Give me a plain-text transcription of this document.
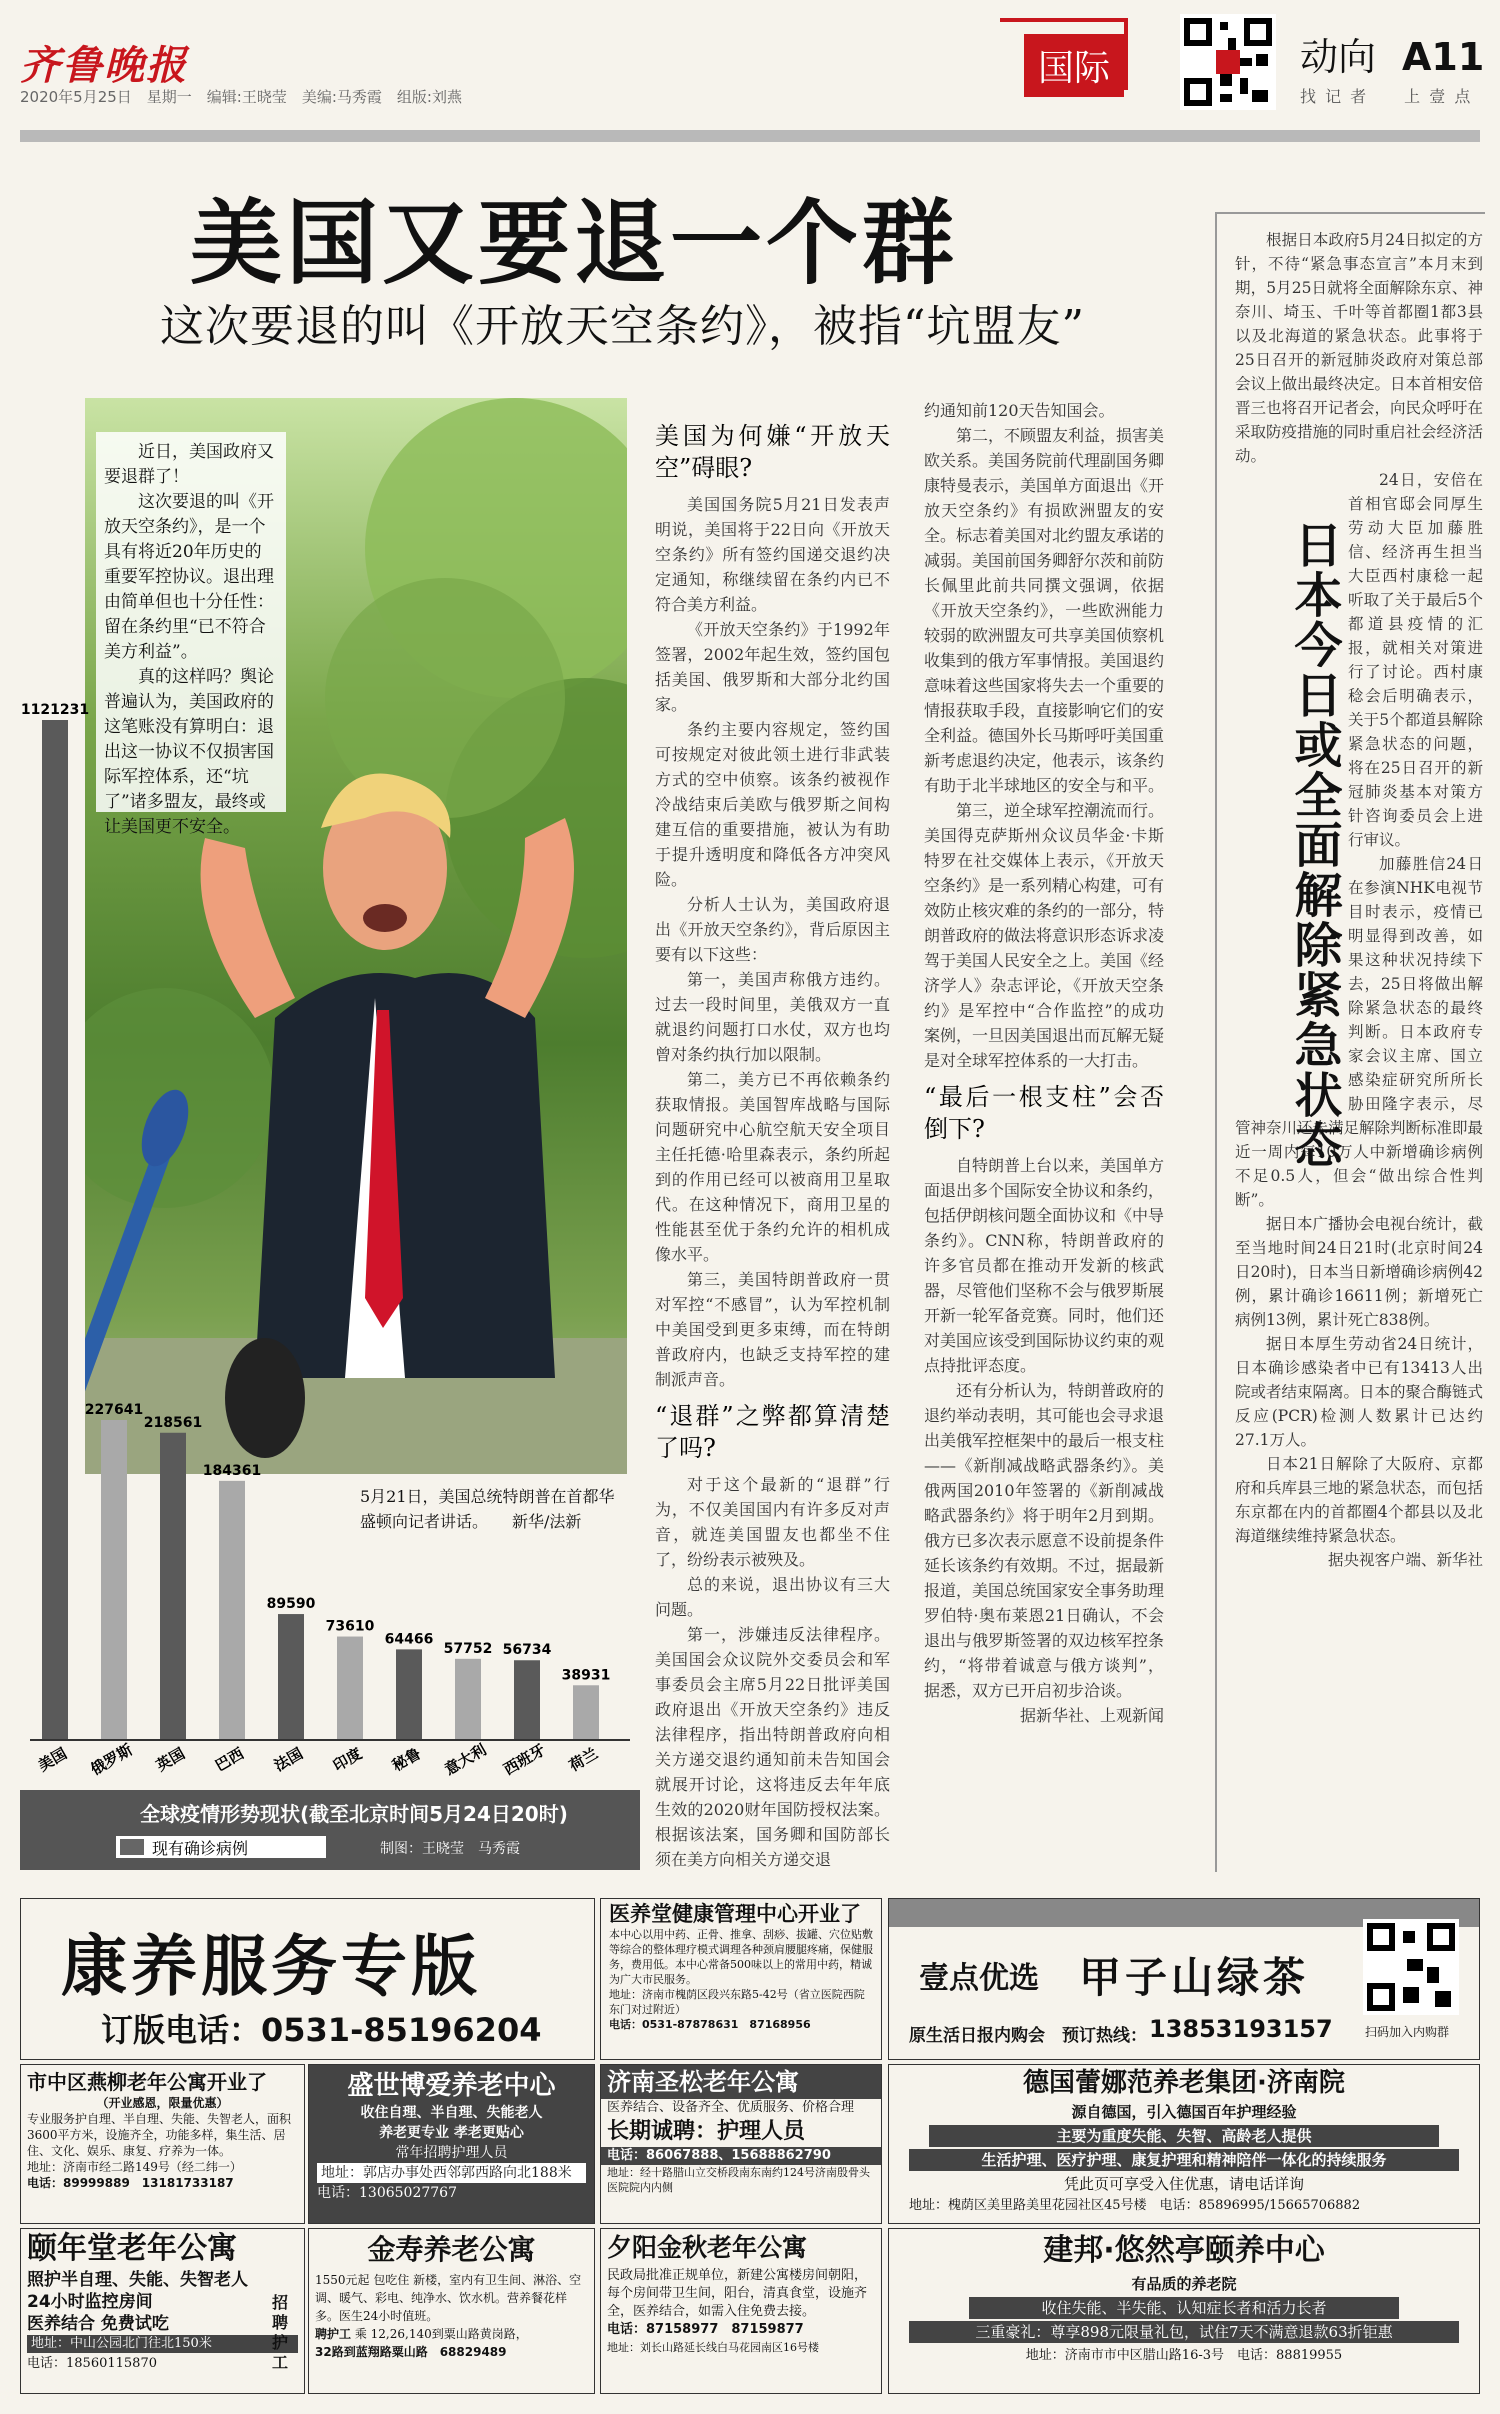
齐鲁晚报
2020年5月25日　星期一　编辑:王晓莹　美编:马秀霞　组版:刘燕
国际	动向 A11
找 记 者　　上 壹 点
美国又要退一个群
这次要退的叫《开放天空条约》，被指“坑盟友”

近日，美国政府又要退群了！

这次要退的叫《开放天空条约》，是一个具有将近20年历史的重要军控协议。退出理由简单但也十分任性：留在条约里“已不符合美方利益”。

真的这样吗？舆论普遍认为，美国政府的这笔账没有算明白：退出这一协议不仅损害国际军控体系，还“坑了”诸多盟友，最终或让美国更不安全。

5月21日，美国总统特朗普在首都华盛顿向记者讲话。　　新华/法新
1121231
美国
227641
俄罗斯
218561
英国
184361
巴西
89590
法国
73610
印度
64466
秘鲁
57752
意大利
56734
西班牙
38931
荷兰
全球疫情形势现状(截至北京时间5月24日20时)
现有确诊病例	制图：王晓莹　马秀霞
美国为何嫌“开放天空”碍眼?

美国国务院5月21日发表声明说，美国将于22日向《开放天空条约》所有签约国递交退约决定通知，称继续留在条约内已不符合美方利益。

《开放天空条约》于1992年签署，2002年起生效，签约国包括美国、俄罗斯和大部分北约国家。

条约主要内容规定，签约国可按规定对彼此领土进行非武装方式的空中侦察。该条约被视作冷战结束后美欧与俄罗斯之间构建互信的重要措施，被认为有助于提升透明度和降低各方冲突风险。

分析人士认为，美国政府退出《开放天空条约》，背后原因主要有以下这些：

第一，美国声称俄方违约。过去一段时间里，美俄双方一直就退约问题打口水仗，双方也均曾对条约执行加以限制。

第二，美方已不再依赖条约获取情报。美国智库战略与国际问题研究中心航空航天安全项目主任托德·哈里森表示，条约所起到的作用已经可以被商用卫星取代。在这种情况下，商用卫星的性能甚至优于条约允许的相机成像水平。

第三，美国特朗普政府一贯对军控“不感冒”，认为军控机制中美国受到更多束缚，而在特朗普政府内，也缺乏支持军控的建制派声音。

“退群”之弊都算清楚了吗?

对于这个最新的“退群”行为，不仅美国国内有许多反对声音，就连美国盟友也都坐不住了，纷纷表示被殃及。

总的来说，退出协议有三大问题。

第一，涉嫌违反法律程序。美国国会众议院外交委员会和军事委员会主席5月22日批评美国政府退出《开放天空条约》违反法律程序，指出特朗普政府向相关方递交退约通知前未告知国会就展开讨论，这将违反去年年底生效的2020财年国防授权法案。根据该法案，国务卿和国防部长须在美方向相关方递交退

约通知前120天告知国会。

第二，不顾盟友利益，损害美欧关系。美国务院前代理副国务卿康特曼表示，美国单方面退出《开放天空条约》有损欧洲盟友的安全。标志着美国对北约盟友承诺的减弱。美国前国务卿舒尔茨和前防长佩里此前共同撰文强调，依据《开放天空条约》，一些欧洲能力较弱的欧洲盟友可共享美国侦察机收集到的俄方军事情报。美国退约意味着这些国家将失去一个重要的情报获取手段，直接影响它们的安全利益。德国外长马斯呼吁美国重新考虑退约决定，他表示，该条约有助于北半球地区的安全与和平。

第三，逆全球军控潮流而行。美国得克萨斯州众议员华金·卡斯特罗在社交媒体上表示，《开放天空条约》是一系列精心构建，可有效防止核灾难的条约的一部分，特朗普政府的做法将意识形态诉求凌驾于美国人民安全之上。美国《经济学人》杂志评论，《开放天空条约》是军控中“合作监控”的成功案例，一旦因美国退出而瓦解无疑是对全球军控体系的一大打击。

“最后一根支柱”会否倒下?

自特朗普上台以来，美国单方面退出多个国际安全协议和条约，包括伊朗核问题全面协议和《中导条约》。CNN称，特朗普政府的许多官员都在推动开发新的核武器，尽管他们坚称不会与俄罗斯展开新一轮军备竞赛。同时，他们还对美国应该受到国际协议约束的观点持批评态度。

还有分析认为，特朗普政府的退约举动表明，其可能也会寻求退出美俄军控框架中的最后一根支柱——《新削减战略武器条约》。美俄两国2010年签署的《新削减战略武器条约》将于明年2月到期。俄方已多次表示愿意不设前提条件延长该条约有效期。不过，据最新报道，美国总统国家安全事务助理罗伯特·奥布莱恩21日确认，不会退出与俄罗斯签署的双边核军控条约，“将带着诚意与俄方谈判”，据悉，双方已开启初步洽谈。

据新华社、上观新闻

根据日本政府5月24日拟定的方针，不待“紧急事态宣言”本月末到期，5月25日就将全面解除东京、神奈川、埼玉、千叶等首都圈1都3县以及北海道的紧急状态。此事将于25日召开的新冠肺炎政府对策总部会议上做出最终决定。日本首相安倍晋三也将召开记者会，向民众呼吁在采取防疫措施的同时重启社会经济活动。

24日，安倍在首相官邸会同厚生劳动大臣加藤胜信、经济再生担当大臣西村康稔一起听取了关于最后5个都道县疫情的汇报，就相关对策进行了讨论。西村康稔会后明确表示，关于5个都道县解除紧急状态的问题，将在25日召开的新冠肺炎基本对策方针咨询委员会上进行审议。

加藤胜信24日在参演NHK电视节目时表示，疫情已明显得到改善，如果这种状况持续下去，25日将做出解除紧急状态的最终判断。日本政府专家会议主席、国立感染症研究所所长胁田隆字表示，尽管神奈川还未满足解除判断标准即最近一周内每10万人中新增确诊病例不足0.5人，但会“做出综合性判断”。

据日本广播协会电视台统计，截至当地时间24日21时(北京时间24日20时)，日本当日新增确诊病例42例，累计确诊16611例；新增死亡病例13例，累计死亡838例。

据日本厚生劳动省24日统计，日本确诊感染者中已有13413人出院或者结束隔离。日本的聚合酶链式反应(PCR)检测人数累计已达约27.1万人。

日本21日解除了大阪府、京都府和兵库县三地的紧急状态，而包括东京都在内的首都圈4个都县以及北海道继续维持紧急状态。

据央视客户端、新华社
日本今日或全面解除紧急状态
康养服务专版
订版电话：0531-85196204
医养堂健康管理中心开业了
本中心以用中药、正骨、推拿、刮痧、拔罐、穴位贴敷等综合的整体理疗模式调理各种颈肩腰腿疼痛，保健服务，费用低。本中心常备500味以上的常用中药，精诚为广大市民服务。
地址：济南市槐荫区段兴东路5-42号（省立医院西院东门对过附近）
电话：0531-87878631　87168956
壹点优选 甲子山绿茶
原生活日报内购会　预订热线： 13853193157	扫码加入内购群
市中区燕柳老年公寓开业了
（开业感恩，限量优惠）
专业服务护自理、半自理、失能、失智老人，面积3600平方米，设施齐全，功能多样，集生活、居住、文化、娱乐、康复、疗养为一体。
地址：济南市经二路149号（经二纬一）
电话：89999889　13181733187
盛世博爱养老中心
收住自理、半自理、失能老人
养老更专业 孝老更贴心
常年招聘护理人员
地址：郭店办事处西邻郭西路向北188米
电话：13065027767
济南圣松老年公寓
医养结合、设备齐全、优质服务、价格合理
长期诚聘：护理人员
电话：86067888、15688862790
地址：经十路腊山立交桥段南东南约124号济南殷骨头医院院内内侧
德国蕾娜范养老集团·济南院
源自德国，引入德国百年护理经验
主要为重度失能、失智、高龄老人提供
生活护理、医疗护理、康复护理和精神陪伴一体化的持续服务
凭此页可享受入住优惠，请电话详询
地址：槐荫区美里路美里花园社区45号楼　 电话：85896995/15665706882
颐年堂老年公寓
照护半自理、失能、失智老人
24小时监控房间
医养结合 免费试吃
地址：中山公园北门往北150米
电话：18560115870
招聘护工
金寿养老公寓
1550元起 包吃住 新楼，室内有卫生间、淋浴、空调、暖气、彩电、纯净水、饮水机。营养餐花样多。医生24小时值班。
聘护工 乘 12,26,140到粟山路黄岗路，
32路到蓝翔路粟山路　68829489
夕阳金秋老年公寓
民政局批准正规单位，新建公寓楼房间朝阳，每个房间带卫生间，阳台，清真食堂，设施齐全，医养结合，如需入住免费去接。
电话：87158977　87159877
地址：刘长山路延长线白马花园南区16号楼
建邦·悠然亭颐养中心
有品质的养老院
收住失能、半失能、认知症长者和活力长者
三重豪礼：尊享898元限量礼包，试住7天不满意退款63折钜惠
地址：济南市市中区腊山路16-3号　 电话：88819955
